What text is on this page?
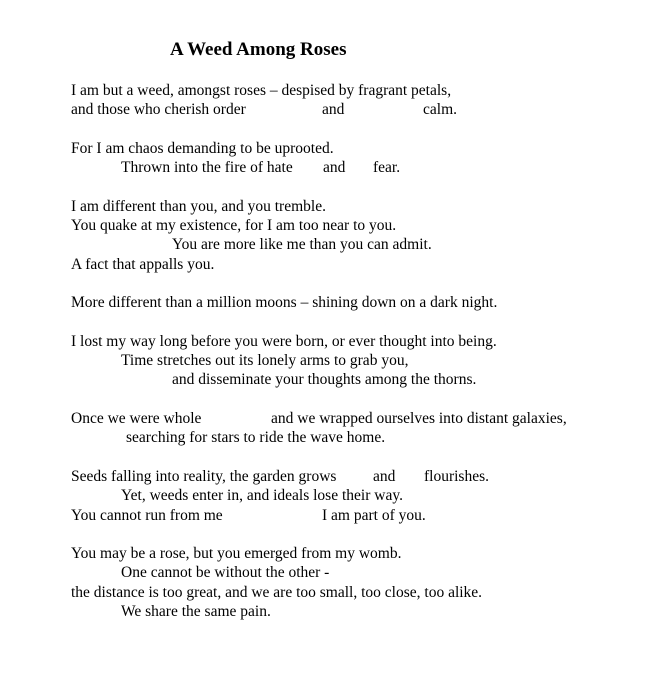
A Weed Among Roses
I am but a weed, amongst roses – despised by fragrant petals,
and those who cherish order	and	calm.
For I am chaos demanding to be uprooted.
Thrown into the fire of hate and fear.
I am different than you, and you tremble.
You quake at my existence, for I am too near to you.
You are more like me than you can admit.
A fact that appalls you.
More different than a million moons – shining down on a dark night.
I lost my way long before you were born, or ever thought into being.
Time stretches out its lonely arms to grab you,
and disseminate your thoughts among the thorns.
Once we were whole	and we wrapped ourselves into distant galaxies,
searching for stars to ride the wave home.
Seeds falling into reality, the garden grows and flourishes.
Yet, weeds enter in, and ideals lose their way.
You cannot run from me	I am part of you.
You may be a rose, but you emerged from my womb.
One cannot be without the other -
the distance is too great, and we are too small, too close, too alike.
We share the same pain.
